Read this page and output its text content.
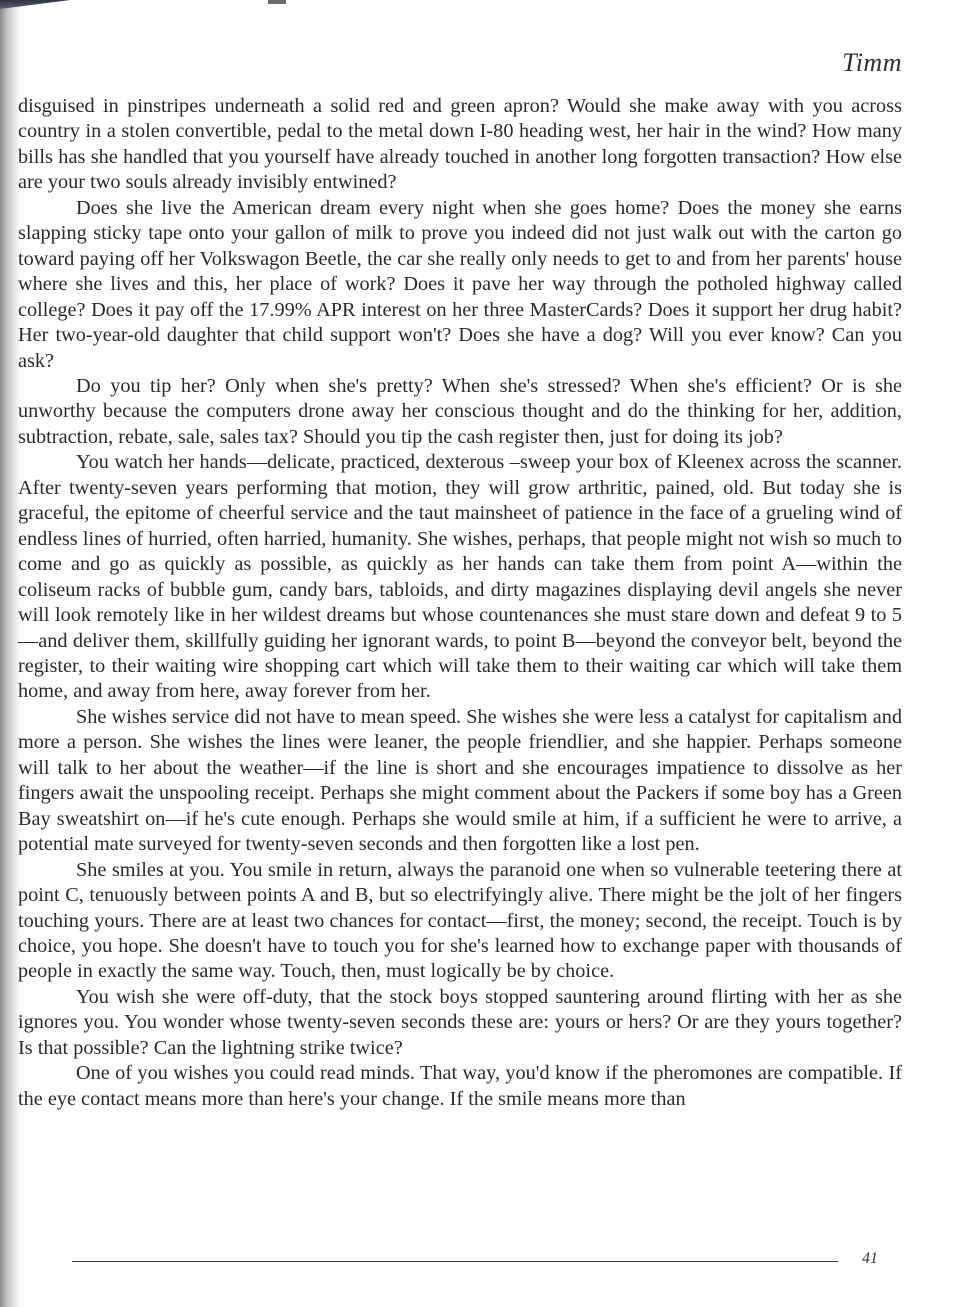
Timm

disguised in pinstripes underneath a solid red and green apron? Would she make away with you across country in a stolen convertible, pedal to the metal down I-80 heading west, her hair in the wind? How many bills has she handled that you yourself have already touched in another long forgotten transaction? How else are your two souls already invisibly entwined?

Does she live the American dream every night when she goes home? Does the money she earns slapping sticky tape onto your gallon of milk to prove you indeed did not just walk out with the carton go toward paying off her Volkswagon Beetle, the car she really only needs to get to and from her parents' house where she lives and this, her place of work? Does it pave her way through the potholed highway called college? Does it pay off the 17.99% APR interest on her three MasterCards? Does it support her drug habit? Her two-year-old daughter that child support won't? Does she have a dog? Will you ever know? Can you ask?

Do you tip her? Only when she's pretty? When she's stressed? When she's efficient? Or is she unworthy because the computers drone away her conscious thought and do the thinking for her, addition, subtraction, rebate, sale, sales tax? Should you tip the cash register then, just for doing its job?

You watch her hands—delicate, practiced, dexterous –sweep your box of Kleenex across the scanner. After twenty-seven years performing that motion, they will grow arthritic, pained, old. But today she is graceful, the epitome of cheerful service and the taut mainsheet of patience in the face of a grueling wind of endless lines of hurried, often harried, humanity. She wishes, perhaps, that people might not wish so much to come and go as quickly as possible, as quickly as her hands can take them from point A—within the coliseum racks of bubble gum, candy bars, tabloids, and dirty magazines displaying devil angels she never will look remotely like in her wildest dreams but whose countenances she must stare down and defeat 9 to 5—and deliver them, skillfully guiding her ignorant wards, to point B—beyond the conveyor belt, beyond the register, to their waiting wire shopping cart which will take them to their waiting car which will take them home, and away from here, away forever from her.

She wishes service did not have to mean speed. She wishes she were less a catalyst for capitalism and more a person. She wishes the lines were leaner, the people friendlier, and she happier. Perhaps someone will talk to her about the weather—if the line is short and she encourages impatience to dissolve as her fingers await the unspooling receipt. Perhaps she might comment about the Packers if some boy has a Green Bay sweatshirt on—if he's cute enough. Perhaps she would smile at him, if a sufficient he were to arrive, a potential mate surveyed for twenty-seven seconds and then forgotten like a lost pen.

She smiles at you. You smile in return, always the paranoid one when so vulnerable teetering there at point C, tenuously between points A and B, but so electrifyingly alive. There might be the jolt of her fingers touching yours. There are at least two chances for contact—first, the money; second, the receipt. Touch is by choice, you hope. She doesn't have to touch you for she's learned how to exchange paper with thousands of people in exactly the same way. Touch, then, must logically be by choice.

You wish she were off-duty, that the stock boys stopped sauntering around flirting with her as she ignores you. You wonder whose twenty-seven seconds these are: yours or hers? Or are they yours together? Is that possible? Can the lightning strike twice?

One of you wishes you could read minds. That way, you'd know if the pheromones are compatible. If the eye contact means more than here's your change. If the smile means more than

41
